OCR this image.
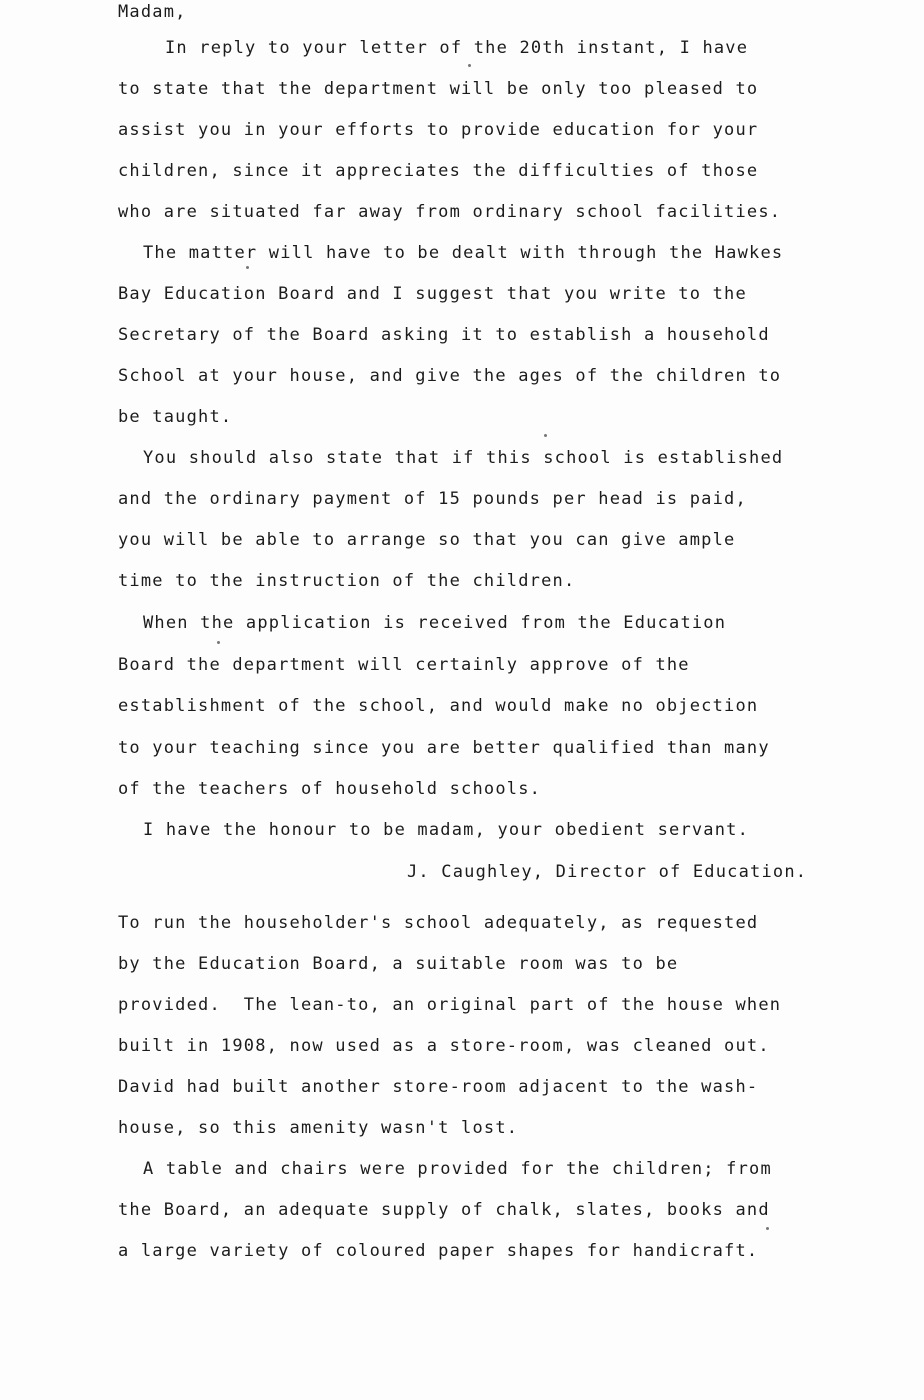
Madam,
In reply to your letter of the 20th instant, I have
to state that the department will be only too pleased to
assist you in your efforts to provide education for your
children, since it appreciates the difficulties of those
who are situated far away from ordinary school facilities.
The matter will have to be dealt with through the Hawkes
Bay Education Board and I suggest that you write to the
Secretary of the Board asking it to establish a household
School at your house, and give the ages of the children to
be taught.
You should also state that if this school is established
and the ordinary payment of 15 pounds per head is paid,
you will be able to arrange so that you can give ample
time to the instruction of the children.
When the application is received from the Education
Board the department will certainly approve of the
establishment of the school, and would make no objection
to your teaching since you are better qualified than many
of the teachers of household schools.
I have the honour to be madam, your obedient servant.
J. Caughley, Director of Education.
To run the householder's school adequately, as requested
by the Education Board, a suitable room was to be
provided.  The lean-to, an original part of the house when
built in 1908, now used as a store-room, was cleaned out.
David had built another store-room adjacent to the wash-
house, so this amenity wasn't lost.
A table and chairs were provided for the children; from
the Board, an adequate supply of chalk, slates, books and
a large variety of coloured paper shapes for handicraft.
